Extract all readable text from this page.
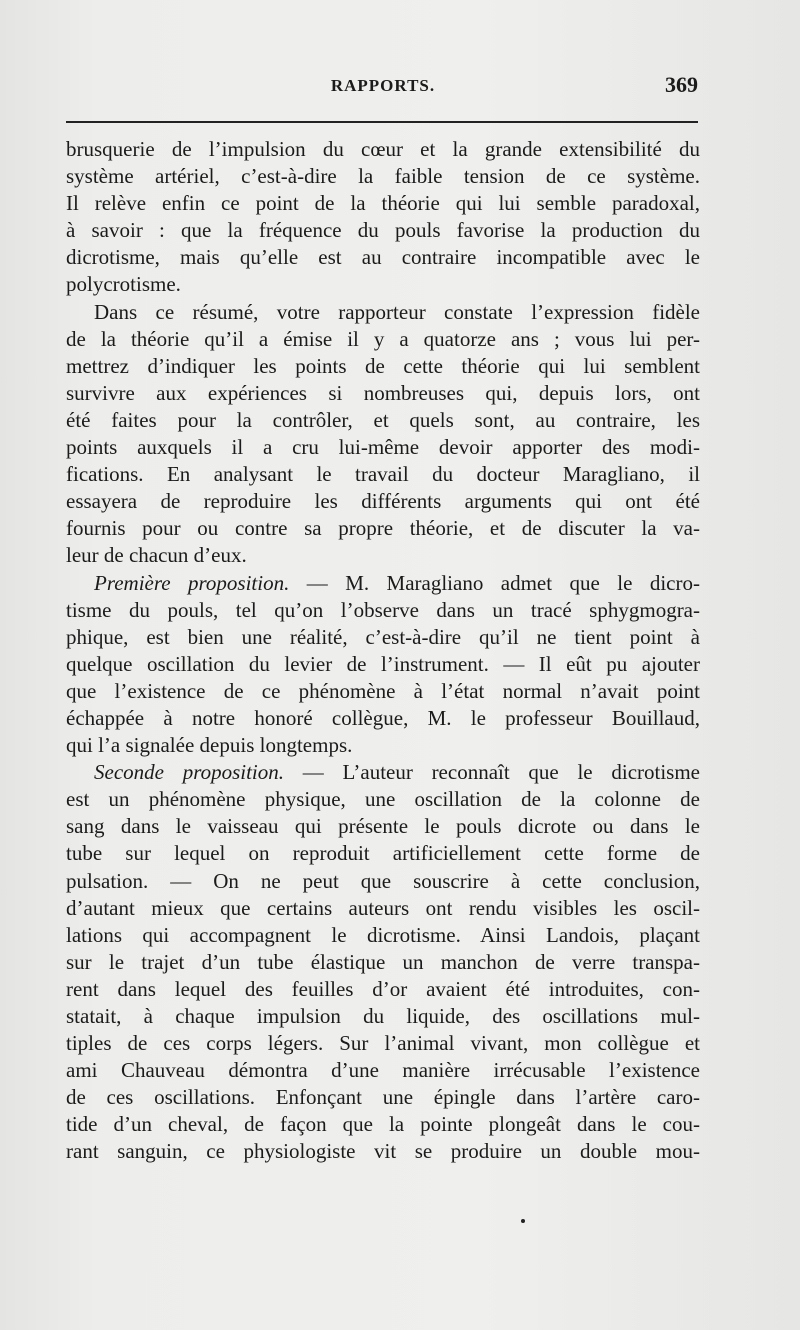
RAPPORTS.	369
brusquerie de l’impulsion du cœur et la grande extensibilité du
système artériel, c’est-à-dire la faible tension de ce système.
Il relève enfin ce point de la théorie qui lui semble paradoxal,
à savoir : que la fréquence du pouls favorise la production du
dicrotisme, mais qu’elle est au contraire incompatible avec le
polycrotisme.
Dans ce résumé, votre rapporteur constate l’expression fidèle
de la théorie qu’il a émise il y a quatorze ans ; vous lui per-
mettrez d’indiquer les points de cette théorie qui lui semblent
survivre aux expériences si nombreuses qui, depuis lors, ont
été faites pour la contrôler, et quels sont, au contraire, les
points auxquels il a cru lui-même devoir apporter des modi-
fications. En analysant le travail du docteur Maragliano, il
essayera de reproduire les différents arguments qui ont été
fournis pour ou contre sa propre théorie, et de discuter la va-
leur de chacun d’eux.
Première proposition. — M. Maragliano admet que le dicro-
tisme du pouls, tel qu’on l’observe dans un tracé sphygmogra-
phique, est bien une réalité, c’est-à-dire qu’il ne tient point à
quelque oscillation du levier de l’instrument. — Il eût pu ajouter
que l’existence de ce phénomène à l’état normal n’avait point
échappée à notre honoré collègue, M. le professeur Bouillaud,
qui l’a signalée depuis longtemps.
Seconde proposition. — L’auteur reconnaît que le dicrotisme
est un phénomène physique, une oscillation de la colonne de
sang dans le vaisseau qui présente le pouls dicrote ou dans le
tube sur lequel on reproduit artificiellement cette forme de
pulsation. — On ne peut que souscrire à cette conclusion,
d’autant mieux que certains auteurs ont rendu visibles les oscil-
lations qui accompagnent le dicrotisme. Ainsi Landois, plaçant
sur le trajet d’un tube élastique un manchon de verre transpa-
rent dans lequel des feuilles d’or avaient été introduites, con-
statait, à chaque impulsion du liquide, des oscillations mul-
tiples de ces corps légers. Sur l’animal vivant, mon collègue et
ami Chauveau démontra d’une manière irrécusable l’existence
de ces oscillations. Enfonçant une épingle dans l’artère caro-
tide d’un cheval, de façon que la pointe plongeât dans le cou-
rant sanguin, ce physiologiste vit se produire un double mou-
